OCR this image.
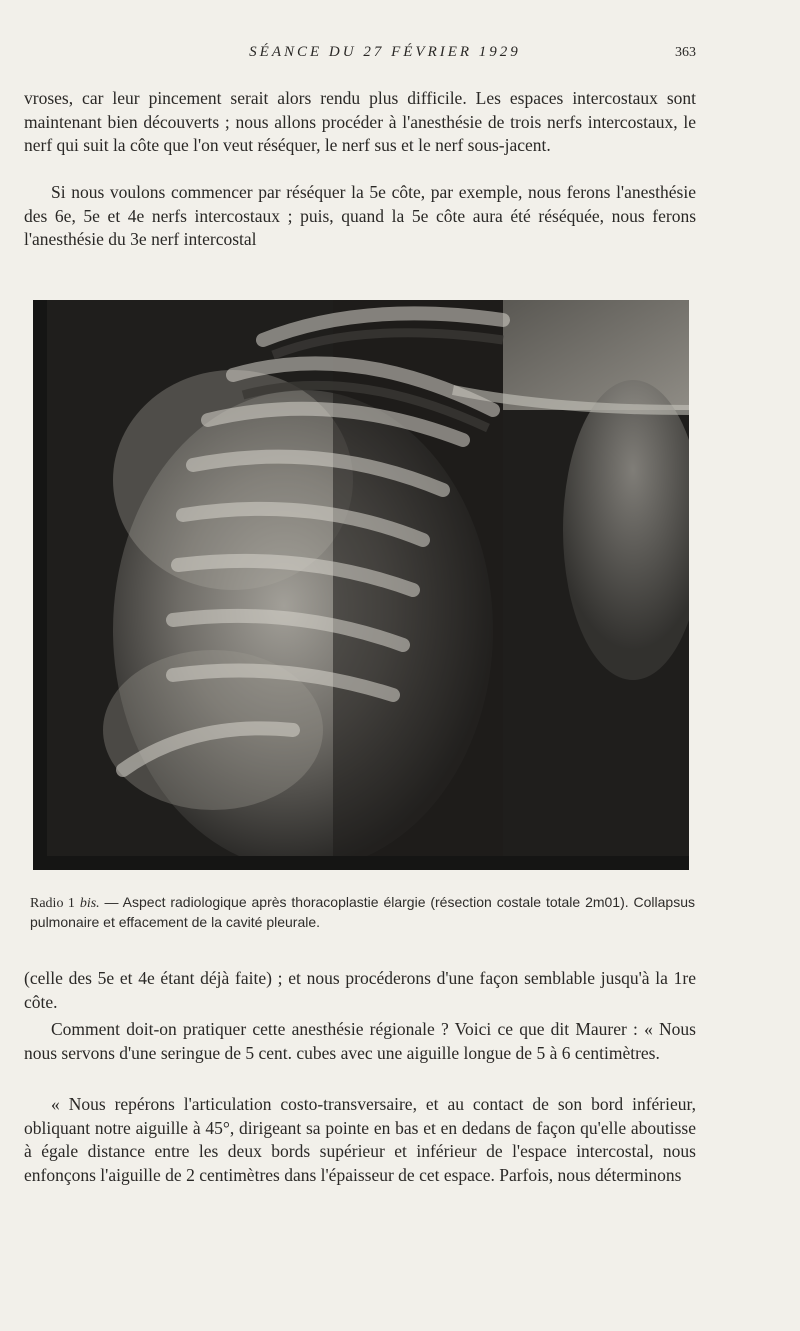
SÉANCE DU 27 FÉVRIER 1929	363

vroses, car leur pincement serait alors rendu plus difficile. Les espaces intercostaux sont maintenant bien découverts ; nous allons procéder à l'anesthésie de trois nerfs intercostaux, le nerf qui suit la côte que l'on veut réséquer, le nerf sus et le nerf sous-jacent.

Si nous voulons commencer par réséquer la 5e côte, par exemple, nous ferons l'anesthésie des 6e, 5e et 4e nerfs intercostaux ; puis, quand la 5e côte aura été réséquée, nous ferons l'anesthésie du 3e nerf intercostal

Radio 1 bis. — Aspect radiologique après thoracoplastie élargie (résection costale totale 2m01). Collapsus pulmonaire et effacement de la cavité pleurale.

(celle des 5e et 4e étant déjà faite) ; et nous procéderons d'une façon semblable jusqu'à la 1re côte.

Comment doit-on pratiquer cette anesthésie régionale ? Voici ce que dit Maurer : « Nous nous servons d'une seringue de 5 cent. cubes avec une aiguille longue de 5 à 6 centimètres.

« Nous repérons l'articulation costo-transversaire, et au contact de son bord inférieur, obliquant notre aiguille à 45°, dirigeant sa pointe en bas et en dedans de façon qu'elle aboutisse à égale distance entre les deux bords supérieur et inférieur de l'espace intercostal, nous enfonçons l'aiguille de 2 centimètres dans l'épaisseur de cet espace. Parfois, nous déterminons
